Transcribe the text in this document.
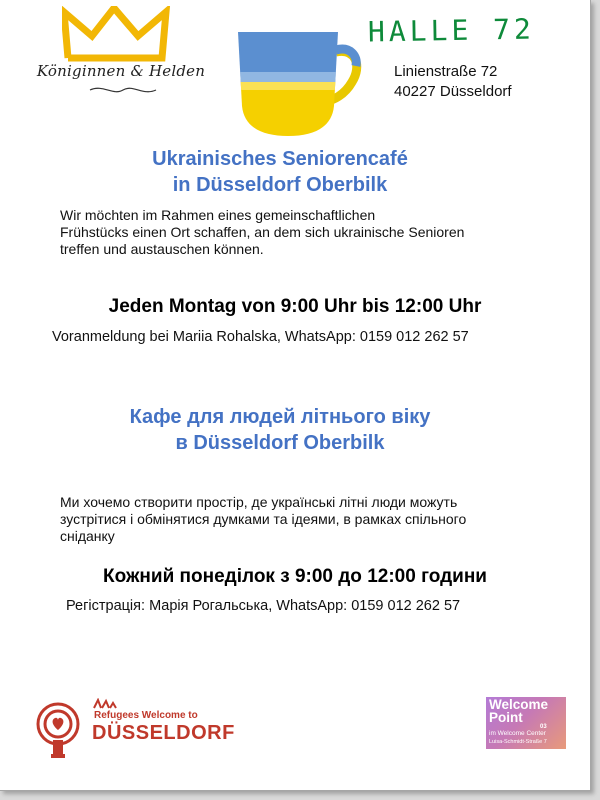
Königinnen & Helden
HALLE 72
Linienstraße 72
40227 Düsseldorf
Ukrainisches Seniorencafé
in Düsseldorf Oberbilk
Wir möchten im Rahmen eines gemeinschaftlichen
Frühstücks einen Ort schaffen, an dem sich ukrainische Senioren
treffen und austauschen können.
Jeden Montag von 9:00 Uhr bis 12:00 Uhr
Voranmeldung bei Mariia Rohalska, WhatsApp: 0159 012 262 57
Кафе для людей літнього віку
в Düsseldorf Oberbilk
Ми хочемо створити простір, де українські літні люди можуть
зустрітися і обмінятися думками та ідеями, в рамках спільного
сніданку
Кожний понеділок з 9:00 до 12:00 години
Регістрація: Марія Рогальська, WhatsApp: 0159 012 262 57
Refugees Welcome to
DÜSSELDORF
Welcome
Point
03
im Welcome Center
Luisa-Schmidt-Straße 7
